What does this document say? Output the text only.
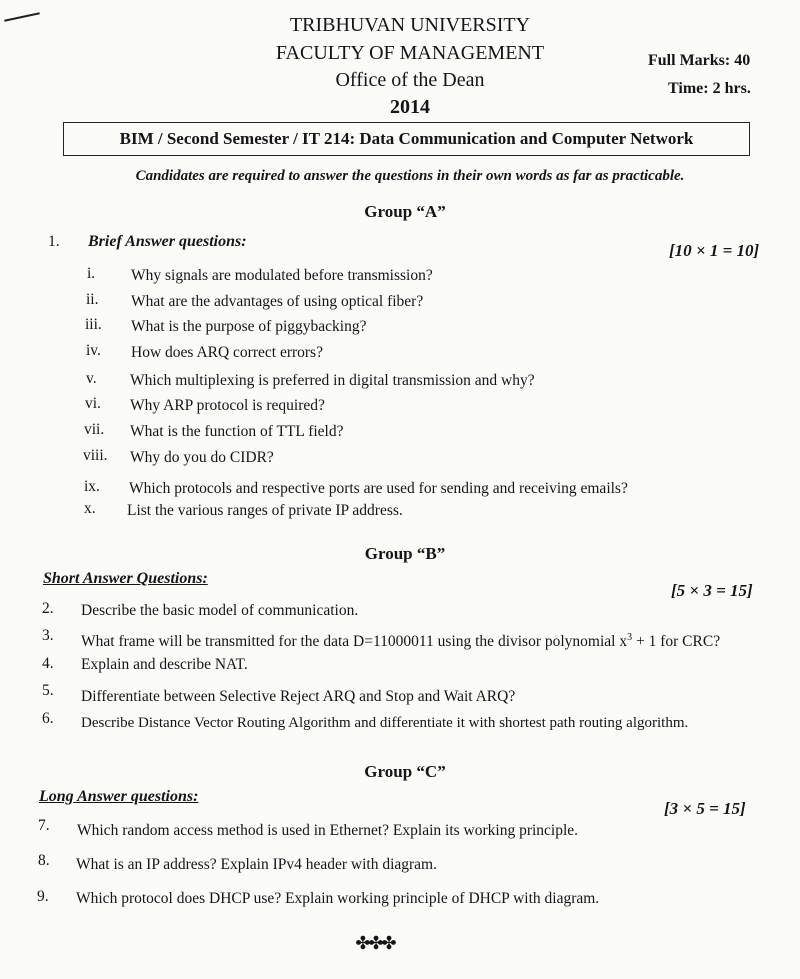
TRIBHUVAN UNIVERSITY
FACULTY OF MANAGEMENT
Office of the Dean
2014
Full Marks: 40
Time: 2 hrs.
BIM / Second Semester / IT 214: Data Communication and Computer Network
Candidates are required to answer the questions in their own words as far as practicable.
Group “A”
1. Brief Answer questions:	[10 × 1 = 10]
i. Why signals are modulated before transmission?
ii. What are the advantages of using optical fiber?
iii. What is the purpose of piggybacking?
iv. How does ARQ correct errors?
v. Which multiplexing is preferred in digital transmission and why?
vi. Why ARP protocol is required?
vii. What is the function of TTL field?
viii. Why do you do CIDR?
ix. Which protocols and respective ports are used for sending and receiving emails?
x. List the various ranges of private IP address.
Group “B”
Short Answer Questions:
[5 × 3 = 15]
2. Describe the basic model of communication.
3. What frame will be transmitted for the data D=11000011 using the divisor polynomial $x^3 + 1$ for CRC?
4. Explain and describe NAT.
5. Differentiate between Selective Reject ARQ and Stop and Wait ARQ?
6. Describe Distance Vector Routing Algorithm and differentiate it with shortest path routing algorithm.
Group “C”
Long Answer questions:
[3 × 5 = 15]
7. Which random access method is used in Ethernet? Explain its working principle.
8. What is an IP address? Explain IPv4 header with diagram.
9. Which protocol does DHCP use? Explain working principle of DHCP with diagram.
✤✤✤
